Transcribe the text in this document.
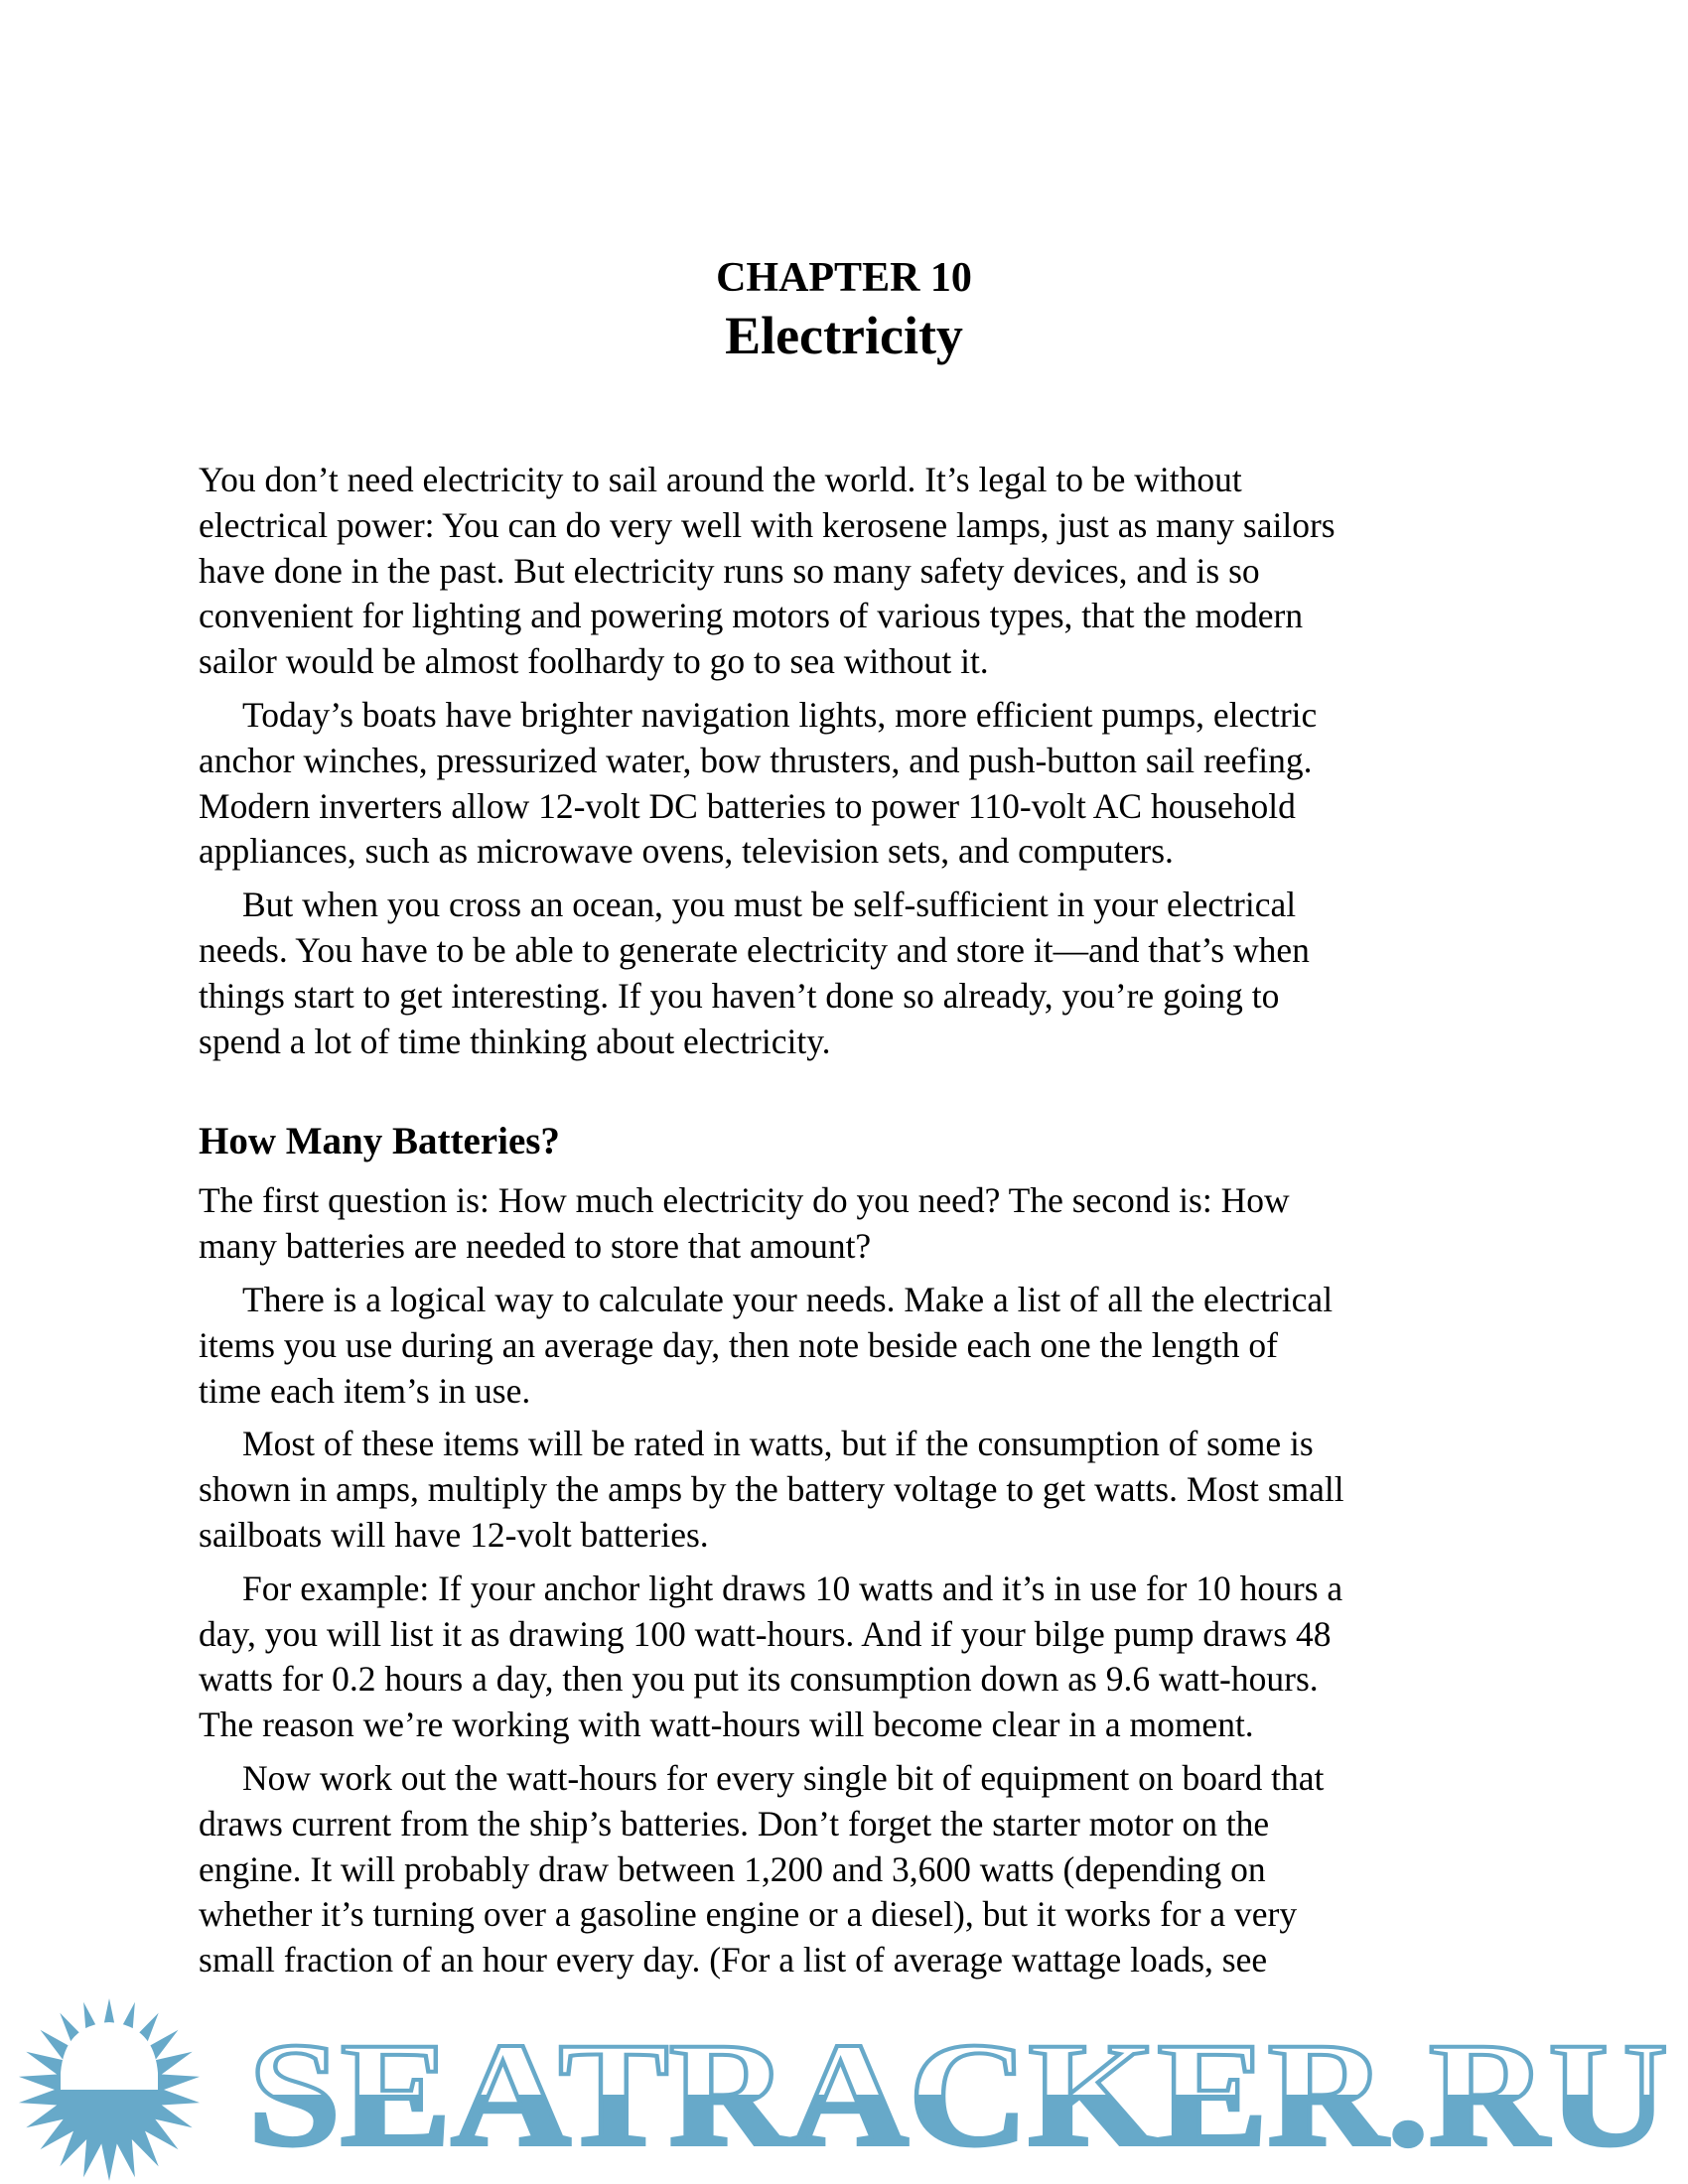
CHAPTER 10
Electricity
You don’t need electricity to sail around the world. It’s legal to be without
electrical power: You can do very well with kerosene lamps, just as many sailors
have done in the past. But electricity runs so many safety devices, and is so
convenient for lighting and powering motors of various types, that the modern
sailor would be almost foolhardy to go to sea without it.
Today’s boats have brighter navigation lights, more efficient pumps, electric
anchor winches, pressurized water, bow thrusters, and push-button sail reefing.
Modern inverters allow 12-volt DC batteries to power 110-volt AC household
appliances, such as microwave ovens, television sets, and computers.
But when you cross an ocean, you must be self-sufficient in your electrical
needs. You have to be able to generate electricity and store it—and that’s when
things start to get interesting. If you haven’t done so already, you’re going to
spend a lot of time thinking about electricity.
How Many Batteries?
The first question is: How much electricity do you need? The second is: How
many batteries are needed to store that amount?
There is a logical way to calculate your needs. Make a list of all the electrical
items you use during an average day, then note beside each one the length of
time each item’s in use.
Most of these items will be rated in watts, but if the consumption of some is
shown in amps, multiply the amps by the battery voltage to get watts. Most small
sailboats will have 12-volt batteries.
For example: If your anchor light draws 10 watts and it’s in use for 10 hours a
day, you will list it as drawing 100 watt-hours. And if your bilge pump draws 48
watts for 0.2 hours a day, then you put its consumption down as 9.6 watt-hours.
The reason we’re working with watt-hours will become clear in a moment.
Now work out the watt-hours for every single bit of equipment on board that
draws current from the ship’s batteries. Don’t forget the starter motor on the
engine. It will probably draw between 1,200 and 3,600 watts (depending on
whether it’s turning over a gasoline engine or a diesel), but it works for a very
small fraction of an hour every day. (For a list of average wattage loads, see
SEATRACKER.RU
